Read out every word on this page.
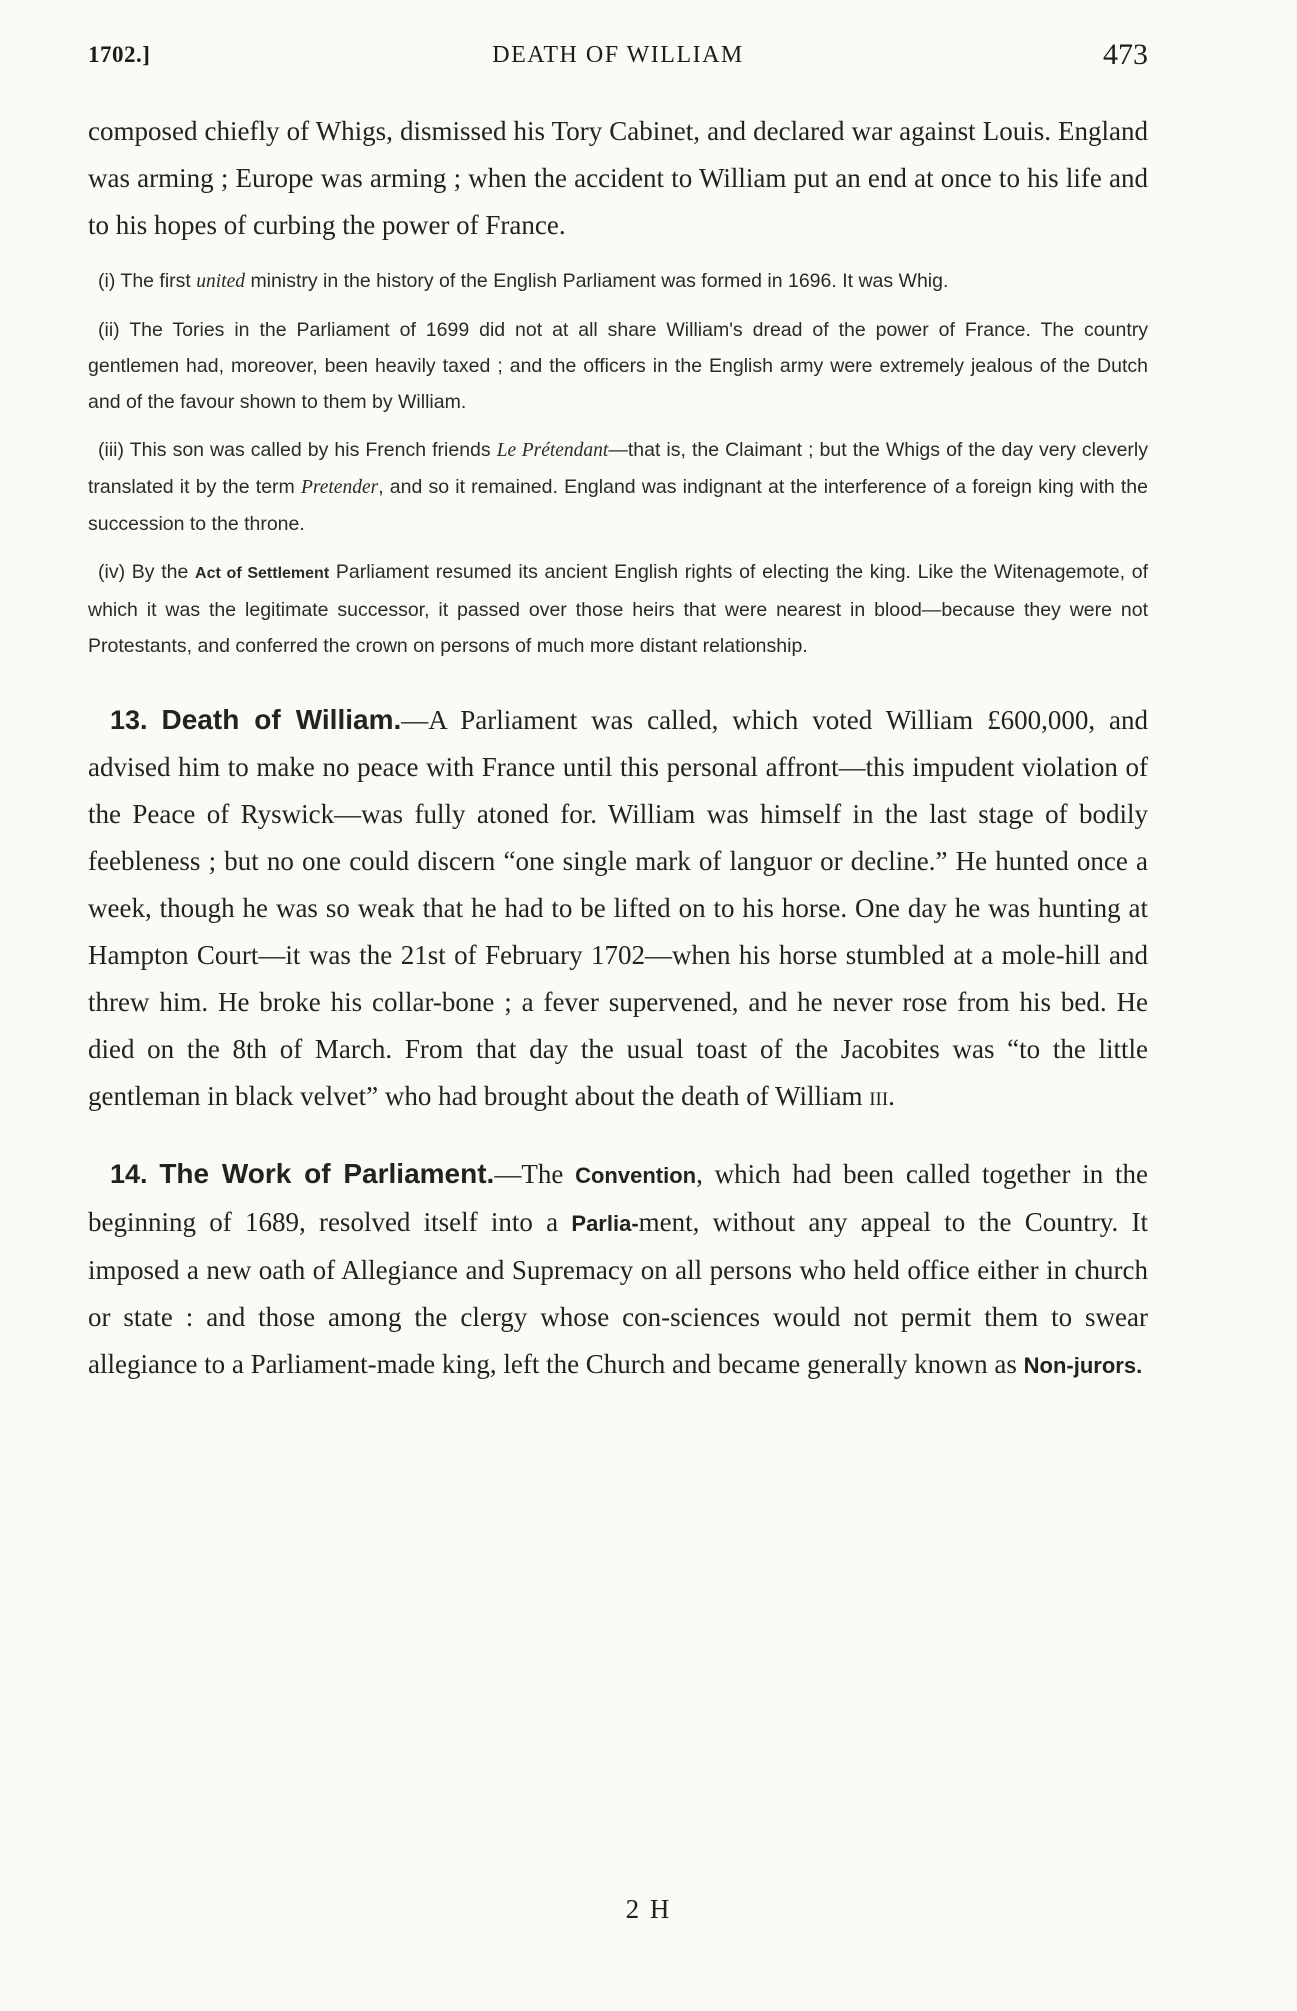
1702.]	DEATH OF WILLIAM	473

composed chiefly of Whigs, dismissed his Tory Cabinet, and declared war against Louis. England was arming ; Europe was arming ; when the accident to William put an end at once to his life and to his hopes of curbing the power of France.

(i) The first united ministry in the history of the English Parliament was formed in 1696. It was Whig.

(ii) The Tories in the Parliament of 1699 did not at all share William's dread of the power of France. The country gentlemen had, moreover, been heavily taxed ; and the officers in the English army were extremely jealous of the Dutch and of the favour shown to them by William.

(iii) This son was called by his French friends Le Prétendant—that is, the Claimant ; but the Whigs of the day very cleverly translated it by the term Pretender, and so it remained. England was indignant at the interference of a foreign king with the succession to the throne.

(iv) By the Act of Settlement Parliament resumed its ancient English rights of electing the king. Like the Witenagemote, of which it was the legitimate successor, it passed over those heirs that were nearest in blood—because they were not Protestants, and conferred the crown on persons of much more distant relationship.

13. Death of William.—A Parliament was called, which voted William £600,000, and advised him to make no peace with France until this personal affront—this impudent violation of the Peace of Ryswick—was fully atoned for. William was himself in the last stage of bodily feebleness ; but no one could discern “one single mark of languor or decline.” He hunted once a week, though he was so weak that he had to be lifted on to his horse. One day he was hunting at Hampton Court—it was the 21st of February 1702—when his horse stumbled at a mole-hill and threw him. He broke his collar-bone ; a fever supervened, and he never rose from his bed. He died on the 8th of March. From that day the usual toast of the Jacobites was “to the little gentleman in black velvet” who had brought about the death of William iii.

14. The Work of Parliament.—The Convention, which had been called together in the beginning of 1689, resolved itself into a Parlia-ment, without any appeal to the Country. It imposed a new oath of Allegiance and Supremacy on all persons who held office either in church or state : and those among the clergy whose con-sciences would not permit them to swear allegiance to a Parliament-made king, left the Church and became generally known as Non-jurors.

2 H
